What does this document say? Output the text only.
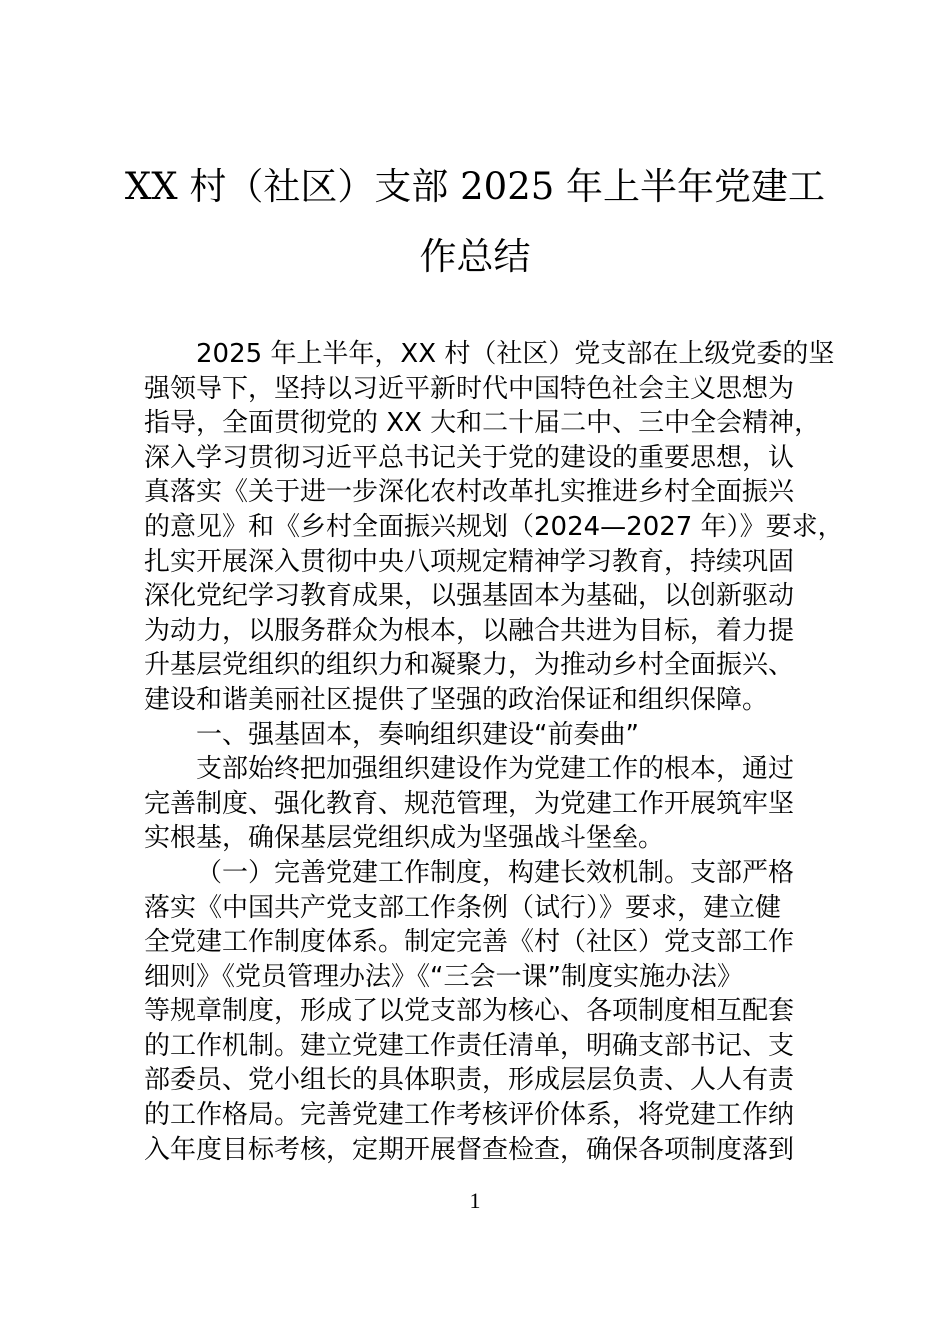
XX 村（社区）支部 2025 年上半年党建工
作总结
2025 年上半年，XX 村（社区）党支部在上级党委的坚
强领导下，坚持以习近平新时代中国特色社会主义思想为
指导，全面贯彻党的 XX 大和二十届二中、三中全会精神，
深入学习贯彻习近平总书记关于党的建设的重要思想，认
真落实《关于进一步深化农村改革扎实推进乡村全面振兴
的意见》和《乡村全面振兴规划（2024—2027 年）》要求，
扎实开展深入贯彻中央八项规定精神学习教育，持续巩固
深化党纪学习教育成果，以强基固本为基础，以创新驱动
为动力，以服务群众为根本，以融合共进为目标，着力提
升基层党组织的组织力和凝聚力，为推动乡村全面振兴、
建设和谐美丽社区提供了坚强的政治保证和组织保障。
一、强基固本，奏响组织建设“前奏曲”
支部始终把加强组织建设作为党建工作的根本，通过
完善制度、强化教育、规范管理，为党建工作开展筑牢坚
实根基，确保基层党组织成为坚强战斗堡垒。
（一）完善党建工作制度，构建长效机制。支部严格
落实《中国共产党支部工作条例（试行）》要求，建立健
全党建工作制度体系。制定完善《村（社区）党支部工作
细则》《党员管理办法》《“三会一课”制度实施办法》
等规章制度，形成了以党支部为核心、各项制度相互配套
的工作机制。建立党建工作责任清单，明确支部书记、支
部委员、党小组长的具体职责，形成层层负责、人人有责
的工作格局。完善党建工作考核评价体系，将党建工作纳
入年度目标考核，定期开展督查检查，确保各项制度落到
1
